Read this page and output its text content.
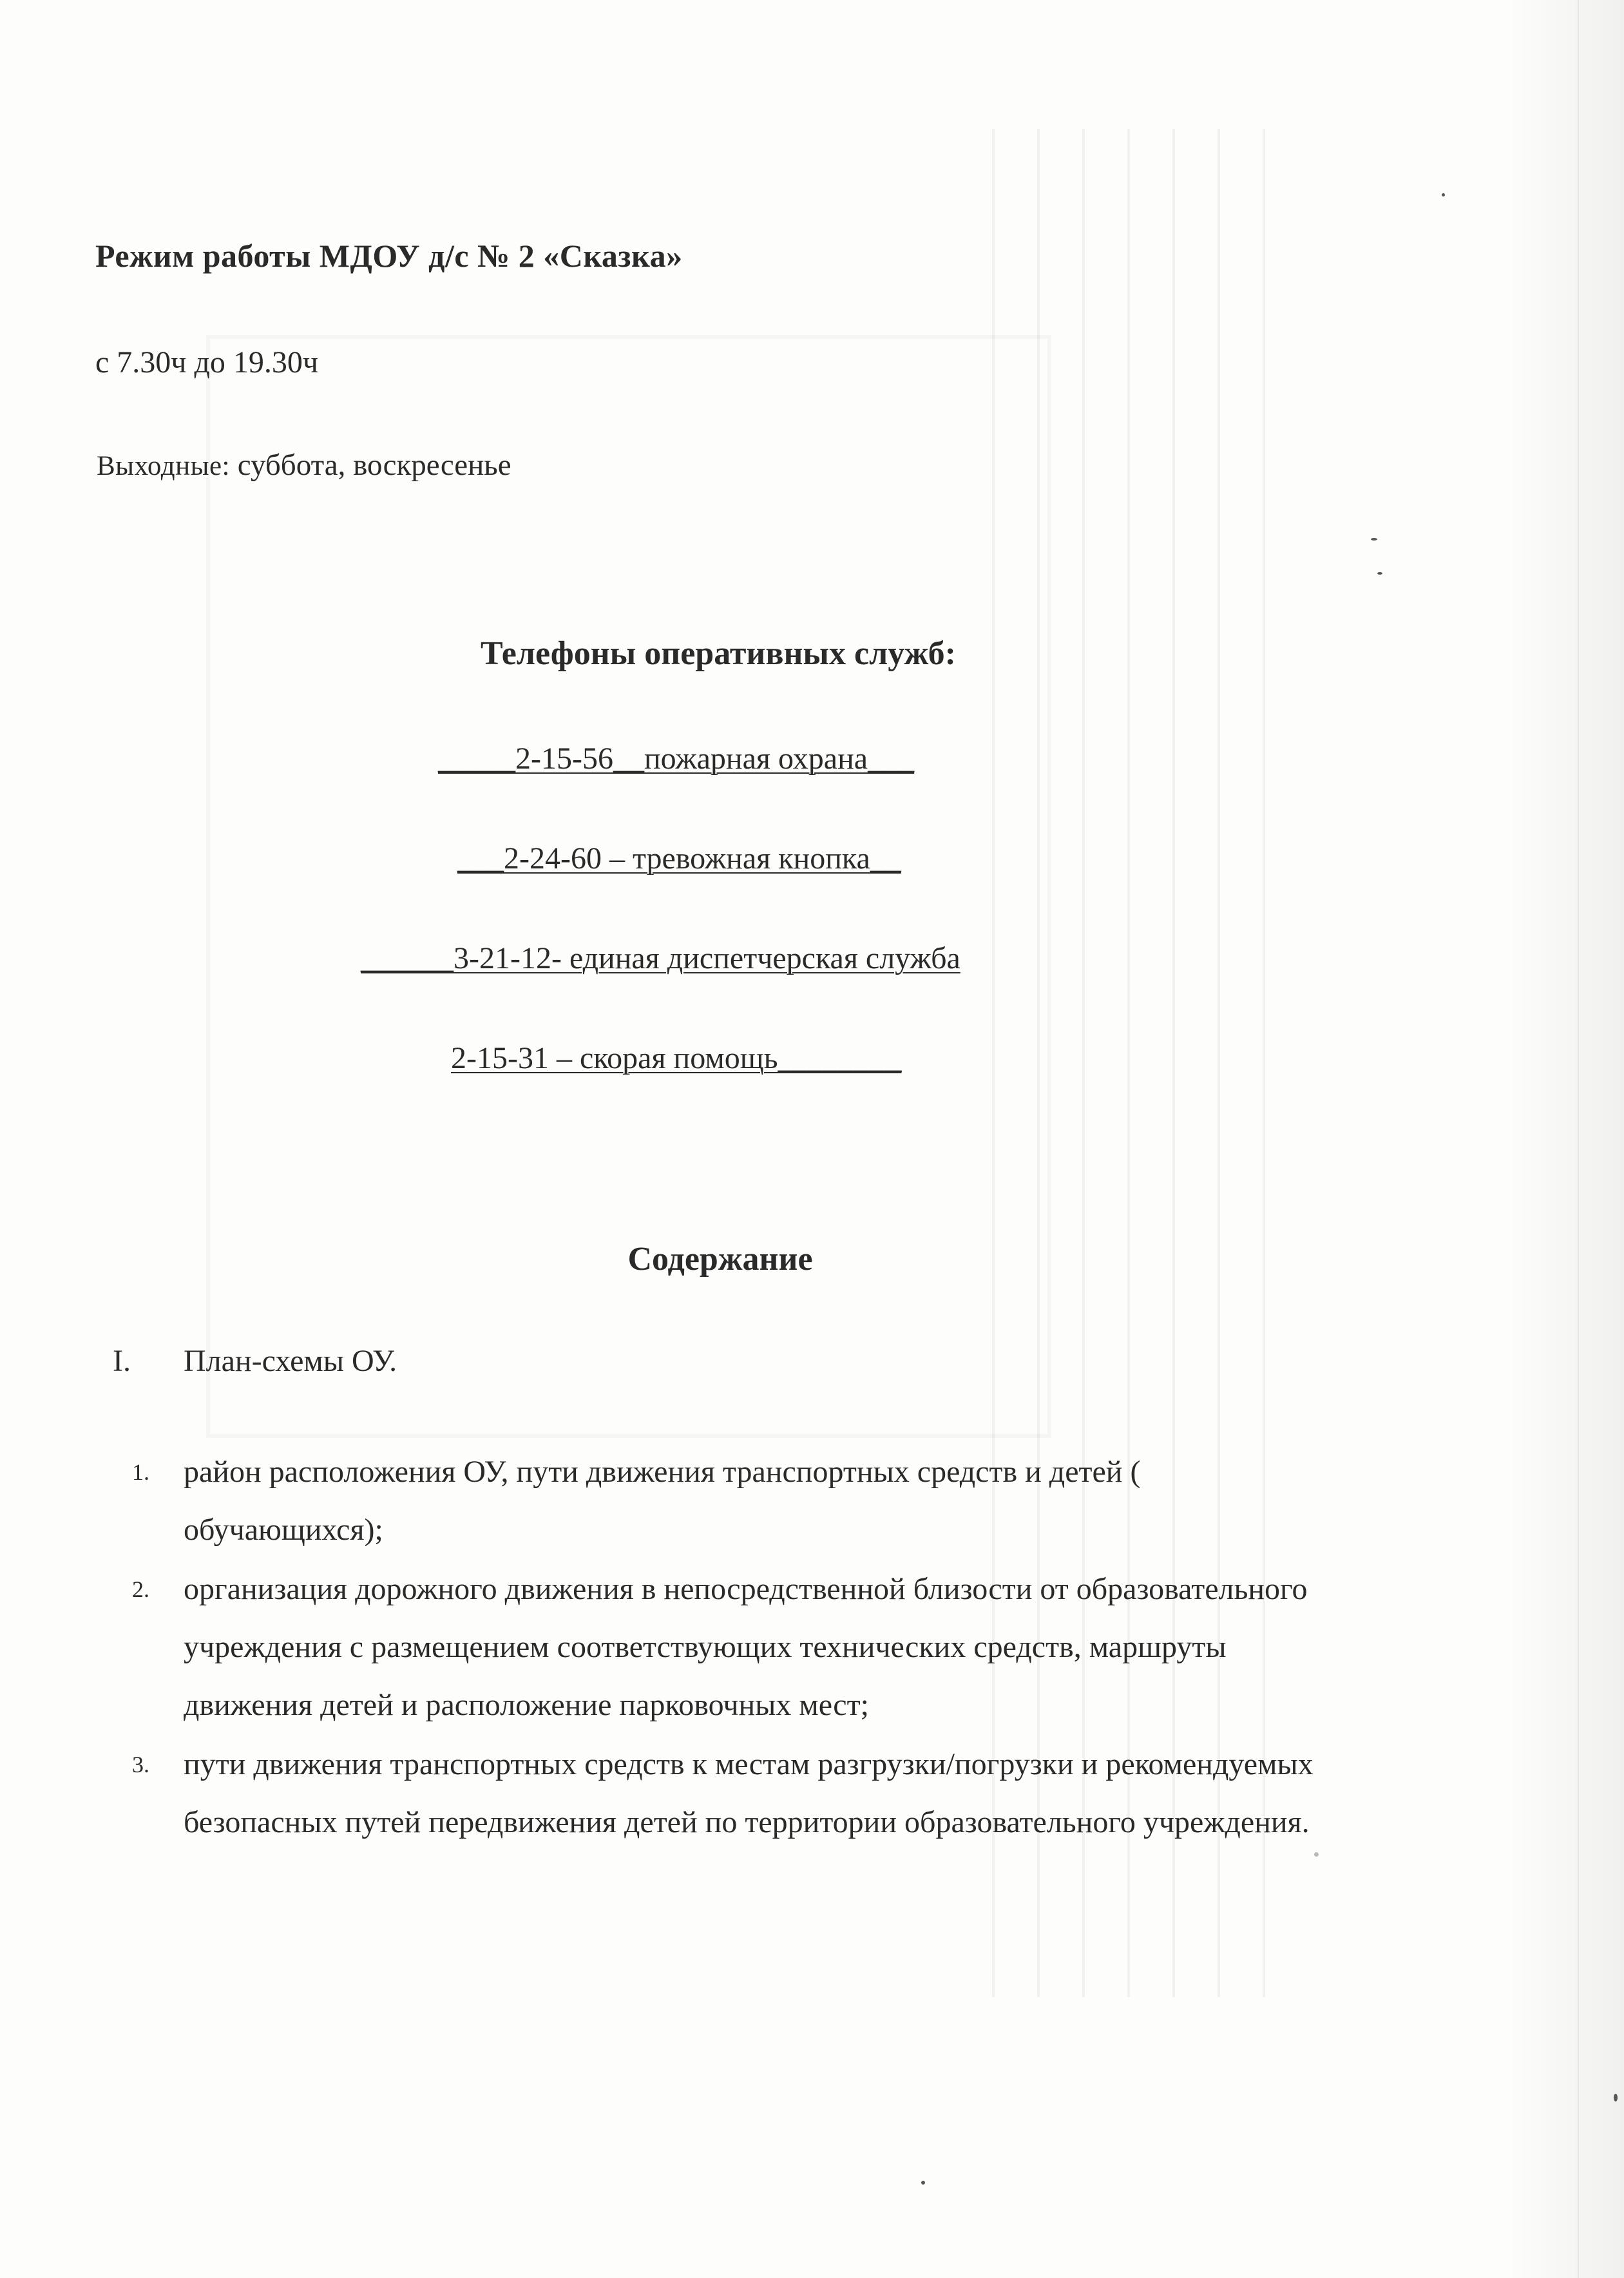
Режим работы МДОУ д/с № 2 «Сказка»
с 7.30ч до 19.30ч
Выходные: суббота, воскресенье
Телефоны оперативных служб:
_____2-15-56__пожарная охрана___
___2-24-60 – тревожная кнопка__
______3-21-12- единая диспетчерская служба
2-15-31 – скорая помощь________
Содержание
I. План-схемы ОУ.
1. район расположения ОУ, пути движения транспортных средств и детей ( обучающихся);
2. организация дорожного движения в непосредственной близости от образовательного учреждения с размещением соответствующих технических средств, маршруты движения детей и расположение парковочных мест;
3. пути движения транспортных средств к местам разгрузки/погрузки и рекомендуемых безопасных путей передвижения детей по территории образовательного учреждения.
